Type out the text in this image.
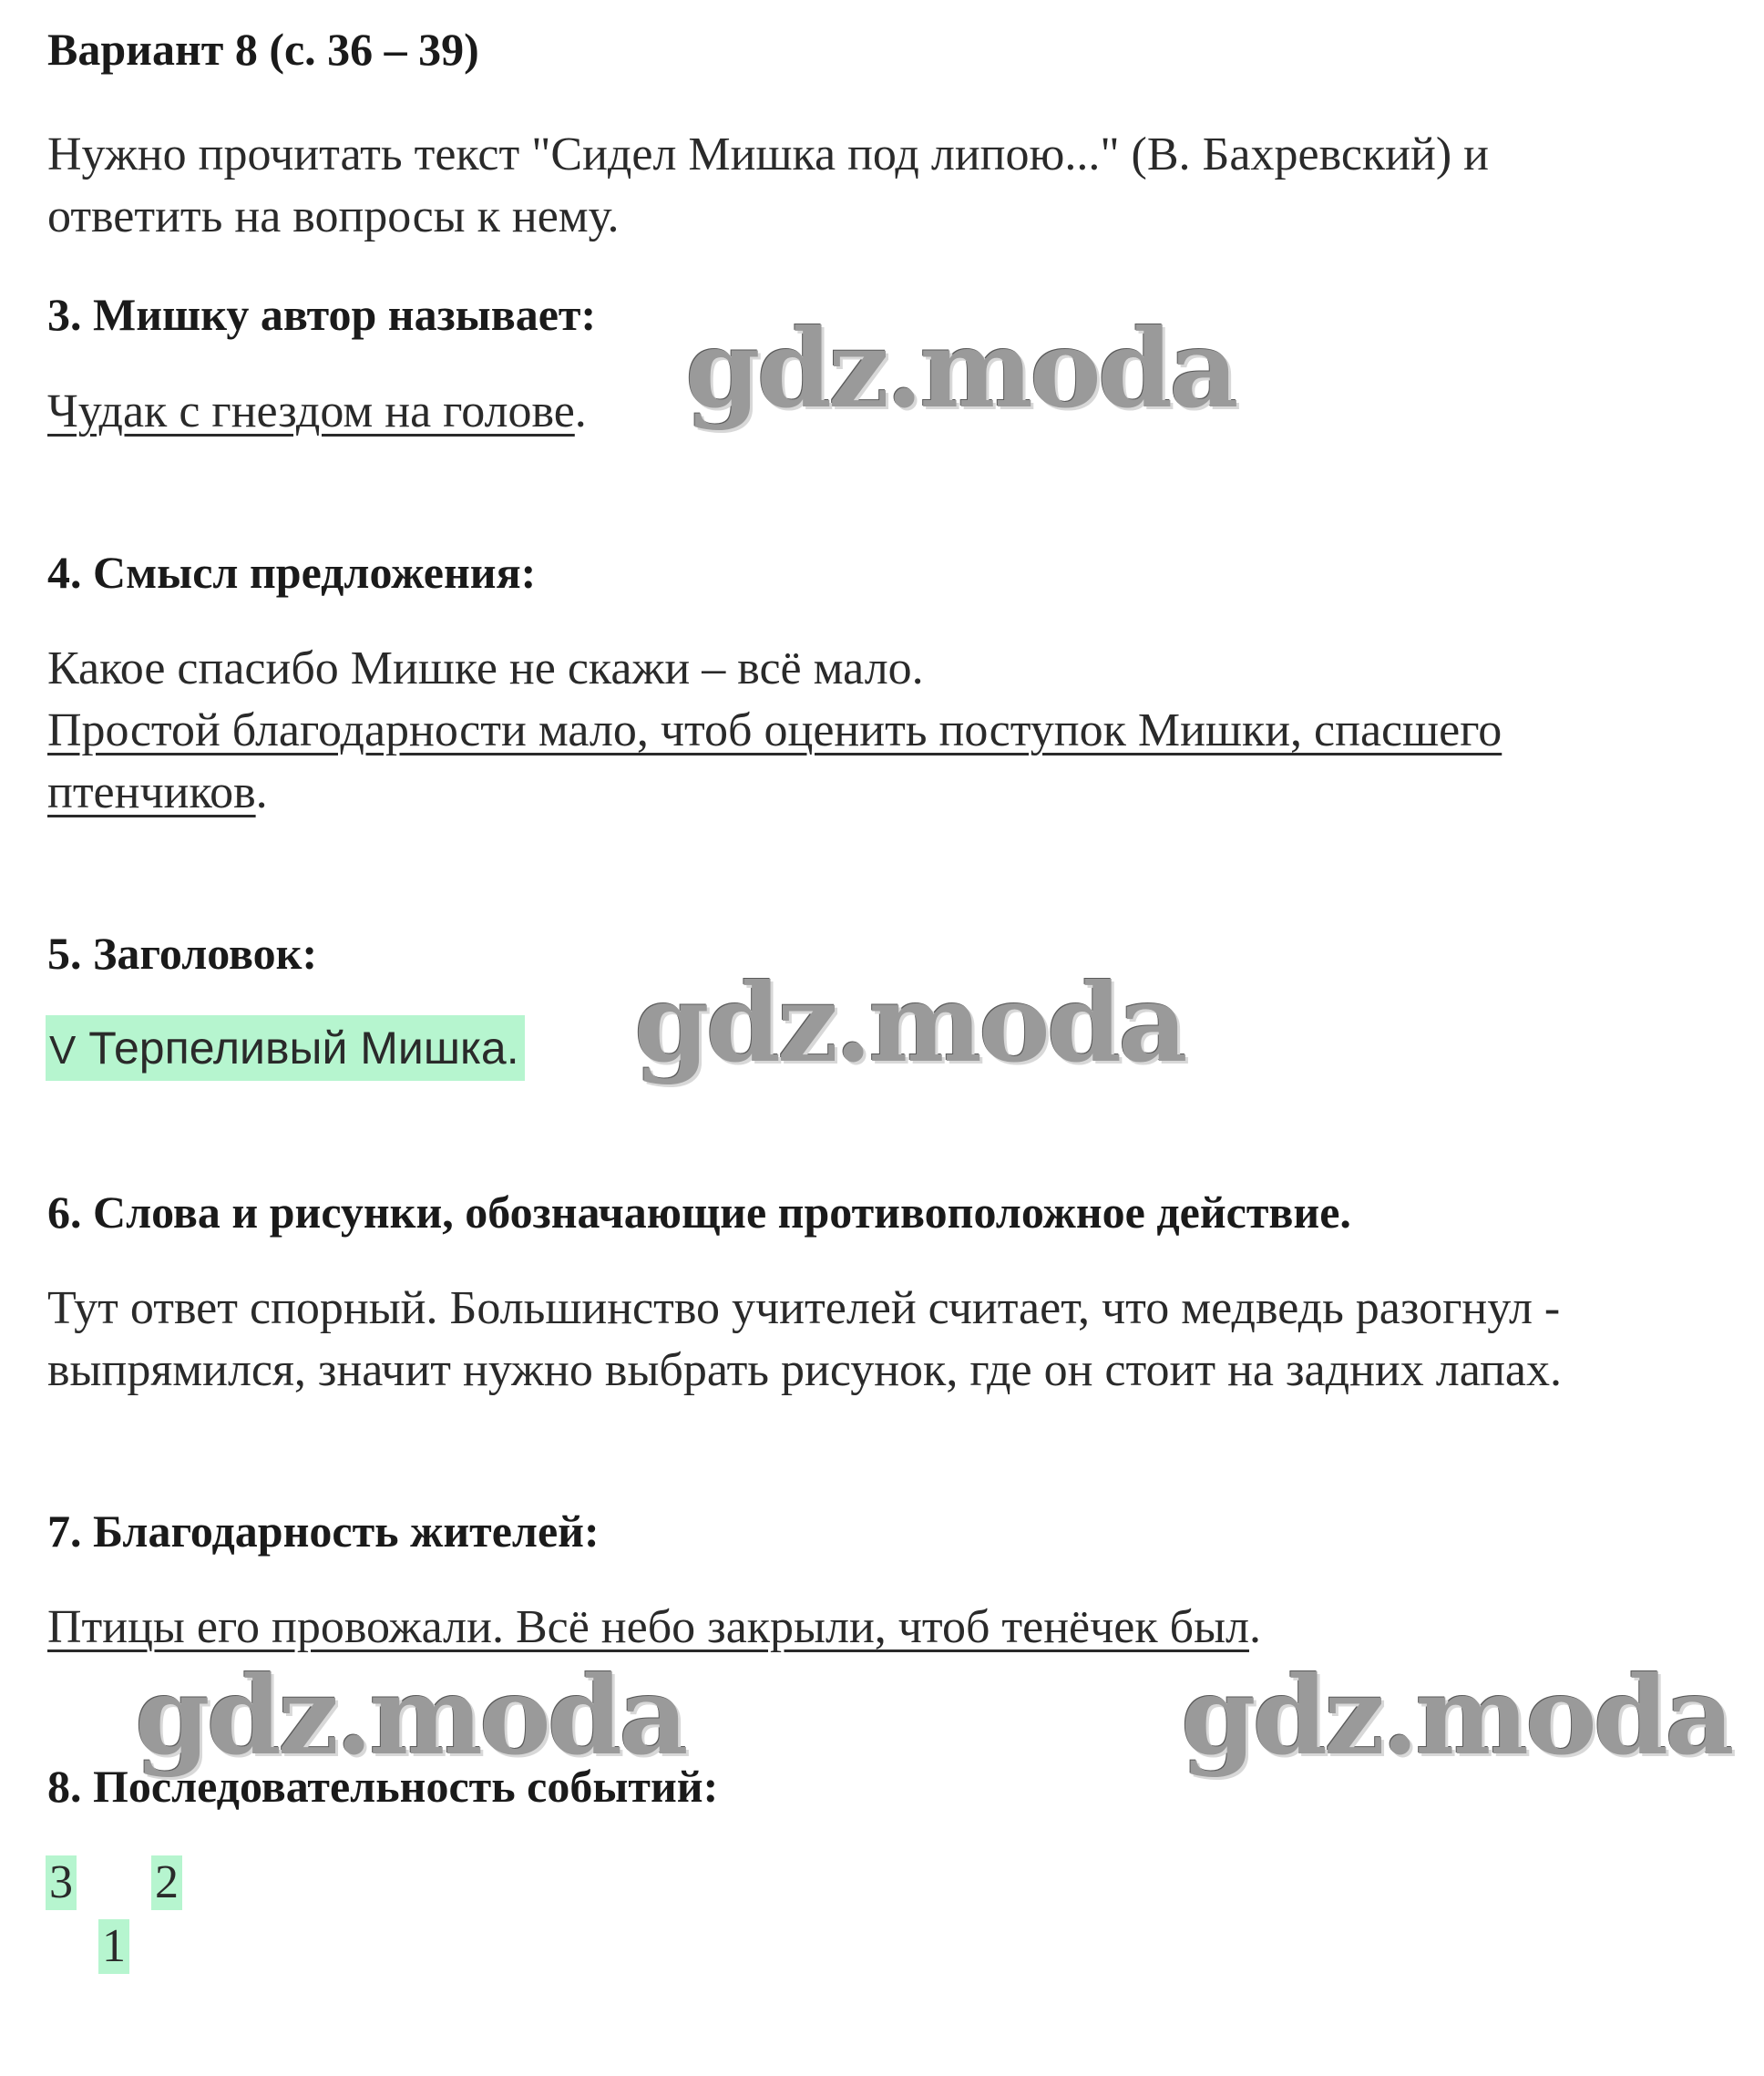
Вариант 8 (с. 36 – 39)
Нужно прочитать текст "Сидел Мишка под липою..." (В. Бахревский) и
ответить на вопросы к нему.
3. Мишку автор называет:
Чудак с гнездом на голове. gdz.moda
4. Смысл предложения:
Какое спасибо Мишке не скажи – всё мало.
Простой благодарности мало, чтоб оценить поступок Мишки, спасшего
птенчиков.
5. Заголовок:
V Терпеливый Мишка. gdz.moda
6. Слова и рисунки, обозначающие противоположное действие.
Тут ответ спорный. Большинство учителей считает, что медведь разогнул -
выпрямился, значит нужно выбрать рисунок, где он стоит на задних лапах.
7. Благодарность жителей:
Птицы его провожали. Всё небо закрыли, чтоб тенёчек был.
gdz.moda	gdz.moda
8. Последовательность событий:
3 2
1
